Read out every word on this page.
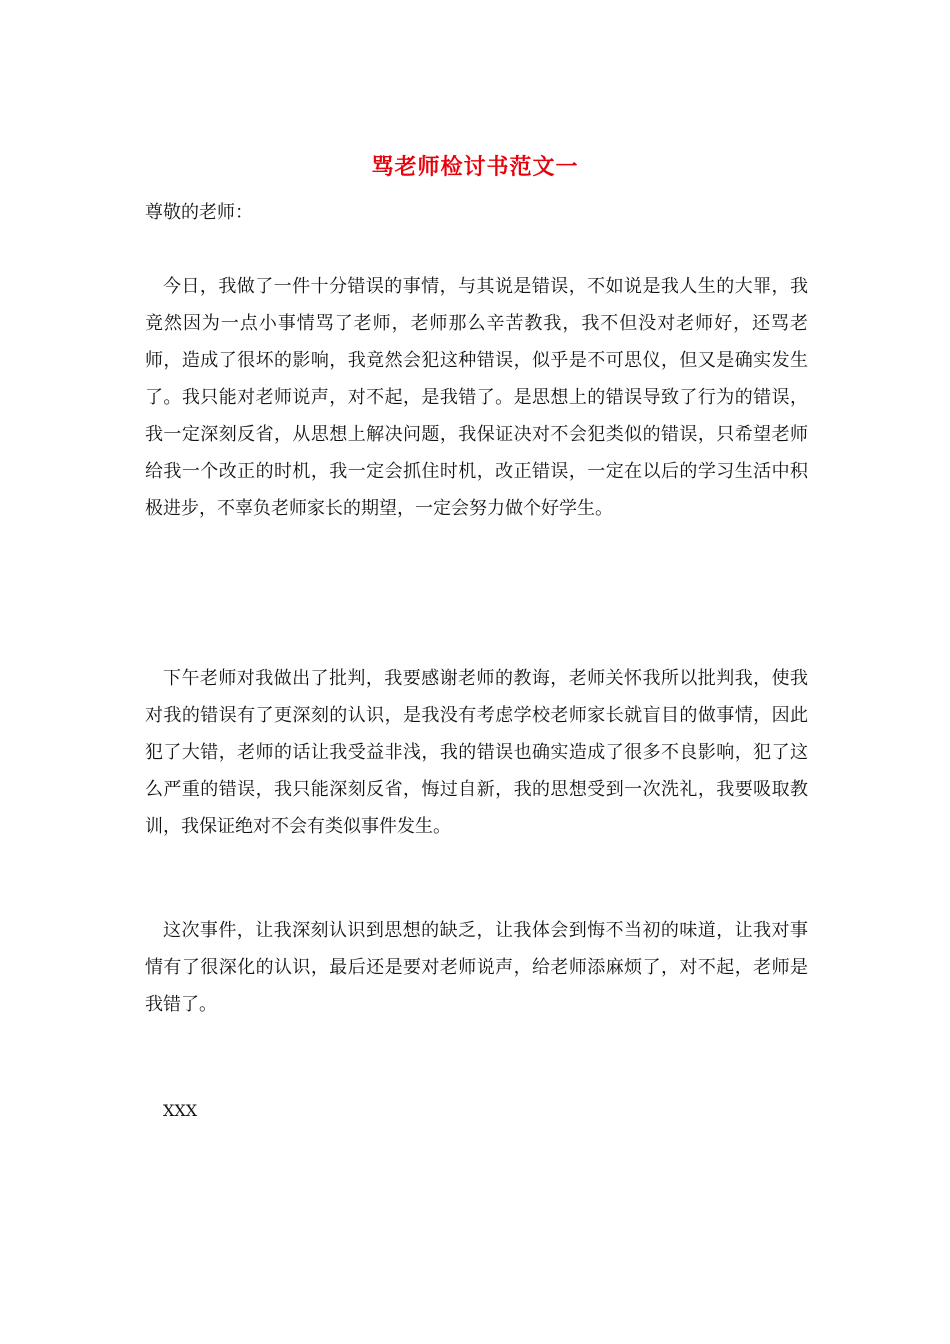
骂老师检讨书范文一
尊敬的老师：

今日，我做了一件十分错误的事情，与其说是错误，不如说是我人生的大罪，我竟然因为一点小事情骂了老师，老师那么辛苦教我，我不但没对老师好，还骂老师，造成了很坏的影响，我竟然会犯这种错误，似乎是不可思仪，但又是确实发生了。我只能对老师说声，对不起，是我错了。是思想上的错误导致了行为的错误，我一定深刻反省，从思想上解决问题，我保证决对不会犯类似的错误，只希望老师给我一个改正的时机，我一定会抓住时机，改正错误，一定在以后的学习生活中积极进步，不辜负老师家长的期望，一定会努力做个好学生。

下午老师对我做出了批判，我要感谢老师的教诲，老师关怀我所以批判我，使我对我的错误有了更深刻的认识，是我没有考虑学校老师家长就盲目的做事情，因此犯了大错，老师的话让我受益非浅，我的错误也确实造成了很多不良影响，犯了这么严重的错误，我只能深刻反省，悔过自新，我的思想受到一次洗礼，我要吸取教训，我保证绝对不会有类似事件发生。

这次事件，让我深刻认识到思想的缺乏，让我体会到悔不当初的味道，让我对事情有了很深化的认识，最后还是要对老师说声，给老师添麻烦了，对不起，老师是我错了。

XXX
